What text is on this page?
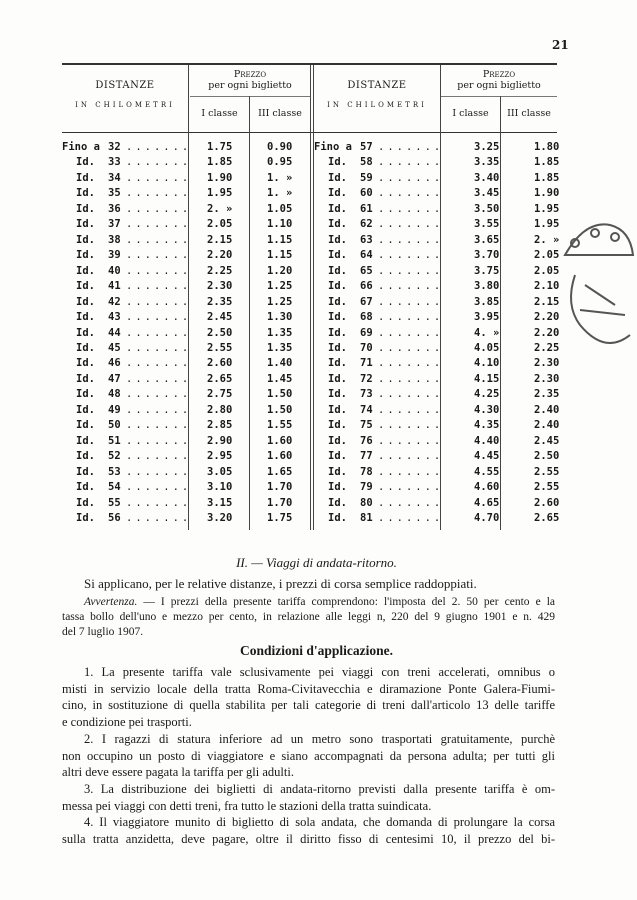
21
DISTANZE
IN CHILOMETRI
Prezzo
per ogni biglietto
I classe	III classe
DISTANZE
IN CHILOMETRI
Prezzo
per ogni biglietto
I classe	III classe
Fino a 32 ....... 1.75	0.90
Id. 33 ....... 1.85	0.95
Id. 34 ....... 1.90	1. »
Id. 35 ....... 1.95	1. »
Id. 36 ....... 2. »	1.05
Id. 37 ....... 2.05	1.10
Id. 38 ....... 2.15	1.15
Id. 39 ....... 2.20	1.15
Id. 40 ....... 2.25	1.20
Id. 41 ....... 2.30	1.25
Id. 42 ....... 2.35	1.25
Id. 43 ....... 2.45	1.30
Id. 44 ....... 2.50	1.35
Id. 45 ....... 2.55	1.35
Id. 46 ....... 2.60	1.40
Id. 47 ....... 2.65	1.45
Id. 48 ....... 2.75	1.50
Id. 49 ....... 2.80	1.50
Id. 50 ....... 2.85	1.55
Id. 51 ....... 2.90	1.60
Id. 52 ....... 2.95	1.60
Id. 53 ....... 3.05	1.65
Id. 54 ....... 3.10	1.70
Id. 55 ....... 3.15	1.70
Id. 56 ....... 3.20	1.75
Fino a 57 .......	3.25	1.80
Id. 58 .......	3.35	1.85
Id. 59 .......	3.40	1.85
Id. 60 .......	3.45	1.90
Id. 61 .......	3.50	1.95
Id. 62 .......	3.55	1.95
Id. 63 .......	3.65	2. »
Id. 64 .......	3.70	2.05
Id. 65 .......	3.75	2.05
Id. 66 .......	3.80	2.10
Id. 67 .......	3.85	2.15
Id. 68 .......	3.95	2.20
Id. 69 .......	4. »	2.20
Id. 70 .......	4.05	2.25
Id. 71 .......	4.10	2.30
Id. 72 .......	4.15	2.30
Id. 73 .......	4.25	2.35
Id. 74 .......	4.30	2.40
Id. 75 .......	4.35	2.40
Id. 76 .......	4.40	2.45
Id. 77 .......	4.45	2.50
Id. 78 .......	4.55	2.55
Id. 79 .......	4.60	2.55
Id. 80 .......	4.65	2.60
Id. 81 .......	4.70	2.65
II. — Viaggi di andata-ritorno.
Si applicano, per le relative distanze, i prezzi di corsa semplice raddoppiati.
Avvertenza. — I prezzi della presente tariffa comprendono: l'imposta del 2. 50 per cento e la
tassa bollo dell'uno e mezzo per cento, in relazione alle leggi n, 220 del 9 giugno 1901 e n. 429
del 7 luglio 1907.
Condizioni d'applicazione.
1. La presente tariffa vale sclusivamente pei viaggi con treni accelerati, omnibus o
misti in servizio locale della tratta Roma-Civitavecchia e diramazione Ponte Galera-Fiumi-
cino, in sostituzione di quella stabilita per tali categorie di treni dall'articolo 13 delle tariffe
e condizione pei trasporti.
2. I ragazzi di statura inferiore ad un metro sono trasportati gratuitamente, purchè
non occupino un posto di viaggiatore e siano accompagnati da persona adulta; per tutti gli
altri deve essere pagata la tariffa per gli adulti.
3. La distribuzione dei biglietti di andata-ritorno previsti dalla presente tariffa è om-
messa pei viaggi con detti treni, fra tutto le stazioni della tratta suindicata.
4. Il viaggiatore munito di biglietto di sola andata, che domanda di prolungare la corsa
sulla tratta anzidetta, deve pagare, oltre il diritto fisso di centesimi 10, il prezzo del bi-
